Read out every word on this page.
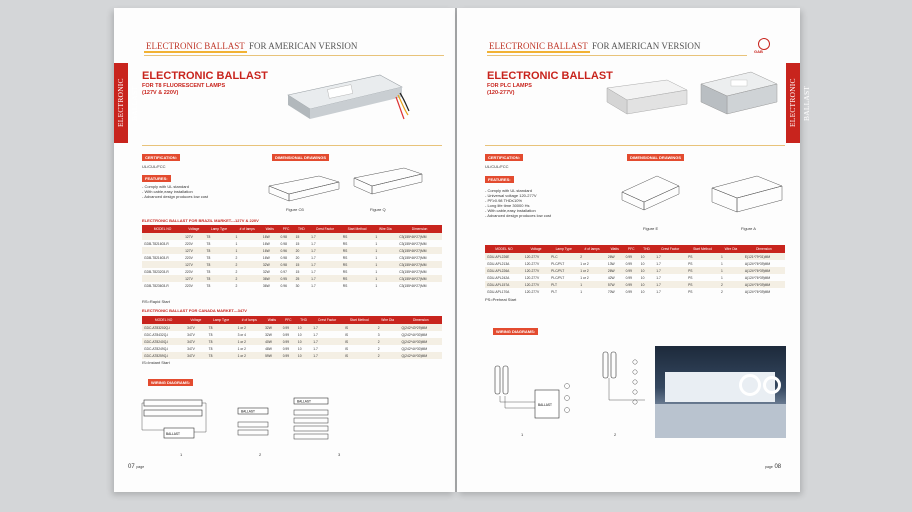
ELECTRONIC BALLAST FOR AMERICAN VERSION
ELECTRONIC BALLAST
ELECTRONIC BALLAST
FOR T8 FLUORESCENT LAMPS
(127V & 220V)
CERTIFICATION:
UL/CUL/FCC
FEATURES:
- Comply with UL standard
- With cable,easy installation
- Advanced design produces low cost
DIMENSIONAL DRAWINGS
Figure O3	Figure Q
ELECTRONIC BALLAST FOR BRAZIL MARKET---127V & 220V
MODEL NO	Voltage	Lamp Type	# of lamps	Watts	PFC	THD	Crest Factor	Start Method	Wire Dia	Dimension
	127V	T8	1	16W	0.98	15	1.7	RS	1	C3(155*46*27)MM
GDB-T821603-R	220V	T8	1	16W	0.98	15	1.7	RS	1	C3(155*46*27)MM
	127V	T8	1	16W	0.96	20	1.7	RS	1	C3(155*46*27)MM
GDB-T821603-R	220V	T8	2	16W	0.98	20	1.7	RS	1	C3(155*46*27)MM
	127V	T8	2	32W	0.98	15	1.7	RS	1	C3(155*46*27)MM
GDB-T823203-R	220V	T8	2	32W	0.97	15	1.7	RS	1	C3(155*46*27)MM
	127V	T8	2	36W	0.95	25	1.7	RS	1	C3(155*46*27)MM
GDB-T823603-R	220V	T8	2	36W	0.96	30	1.7	RS	1	C3(155*46*27)MM
RS=Rapid Start
ELECTRONIC BALLAST FOR CANADA MARKET---347V
MODEL NO	Voltage	Lamp Type	# of lamps	Watts	PFC	THD	Crest Factor	Start Method	Wire Dia	Dimension
GDC-AT83202Q-I	347V	T8	1 or 2	32W	0.99	10	1.7	IS	2	Q(242*43*29)MM
GDC-AT8432Q-I	347V	T8	3 or 4	32W	0.99	10	1.7	IS	3	Q(242*44*30)MM
GDC-AT8240Q-I	347V	T8	1 or 2	40W	0.99	10	1.7	IS	2	Q(242*44*30)MM
GDC-AT8249Q-I	347V	T8	1 or 2	48W	0.99	10	1.7	IS	2	Q(242*44*30)MM
GDC-AT8259Q-I	347V	T8	1 or 2	59W	0.99	10	1.7	IS	2	Q(242*44*30)MM
IS=Instant Start
WIRING DIAGRAMS:
BALLAST
BALLAST
BALLAST
1	2	3
07 page
ELECTRONIC BALLAST FOR AMERICAN VERSION
GAB
ELECTRONIC BALLAST
ELECTRONIC BALLAST
FOR PLC LAMPS
(120-277V)
CERTIFICATION:
UL/CUL/FCC
FEATURES:
- Comply with UL standard
- Universal voltage 120-277V
- PF≥0.98 THD≤10%
- Long life time 30000 Hs
- With cable,easy installation
- Advanced design produces low cost
DIMENSIONAL DRAWINGS
Figure E	Figure A
MODEL NO	Voltage	Lamp Type	# of lamps	Watts	PFC	THD	Crest Factor	Start Method	Wire Dia	Dimension
GDU-APL226E	120-277V	PLC	2	26W	0.99	10	1.7	PS	1	E(121*79*31)MM
GDU-APL213A	120-277V	PLC/PLT	1 or 2	13W	0.99	10	1.7	PS	1	A(124*76*39)MM
GDU-APL226A	120-277V	PLC/PLT	1 or 2	26W	0.99	10	1.7	PS	1	A(124*76*39)MM
GDU-APL242A	120-277V	PLC/PLT	1 or 2	42W	0.99	10	1.7	PS	1	A(124*76*39)MM
GDU-APL157A	120-277V	PLT	1	57W	0.99	10	1.7	PS	2	A(124*76*39)MM
GDU-APL170A	120-277V	PLT	1	70W	0.99	10	1.7	PS	2	A(124*76*39)MM
PS=Preheat Start
WIRING DIAGRAMS:
BALLAST
1	2
page 08
